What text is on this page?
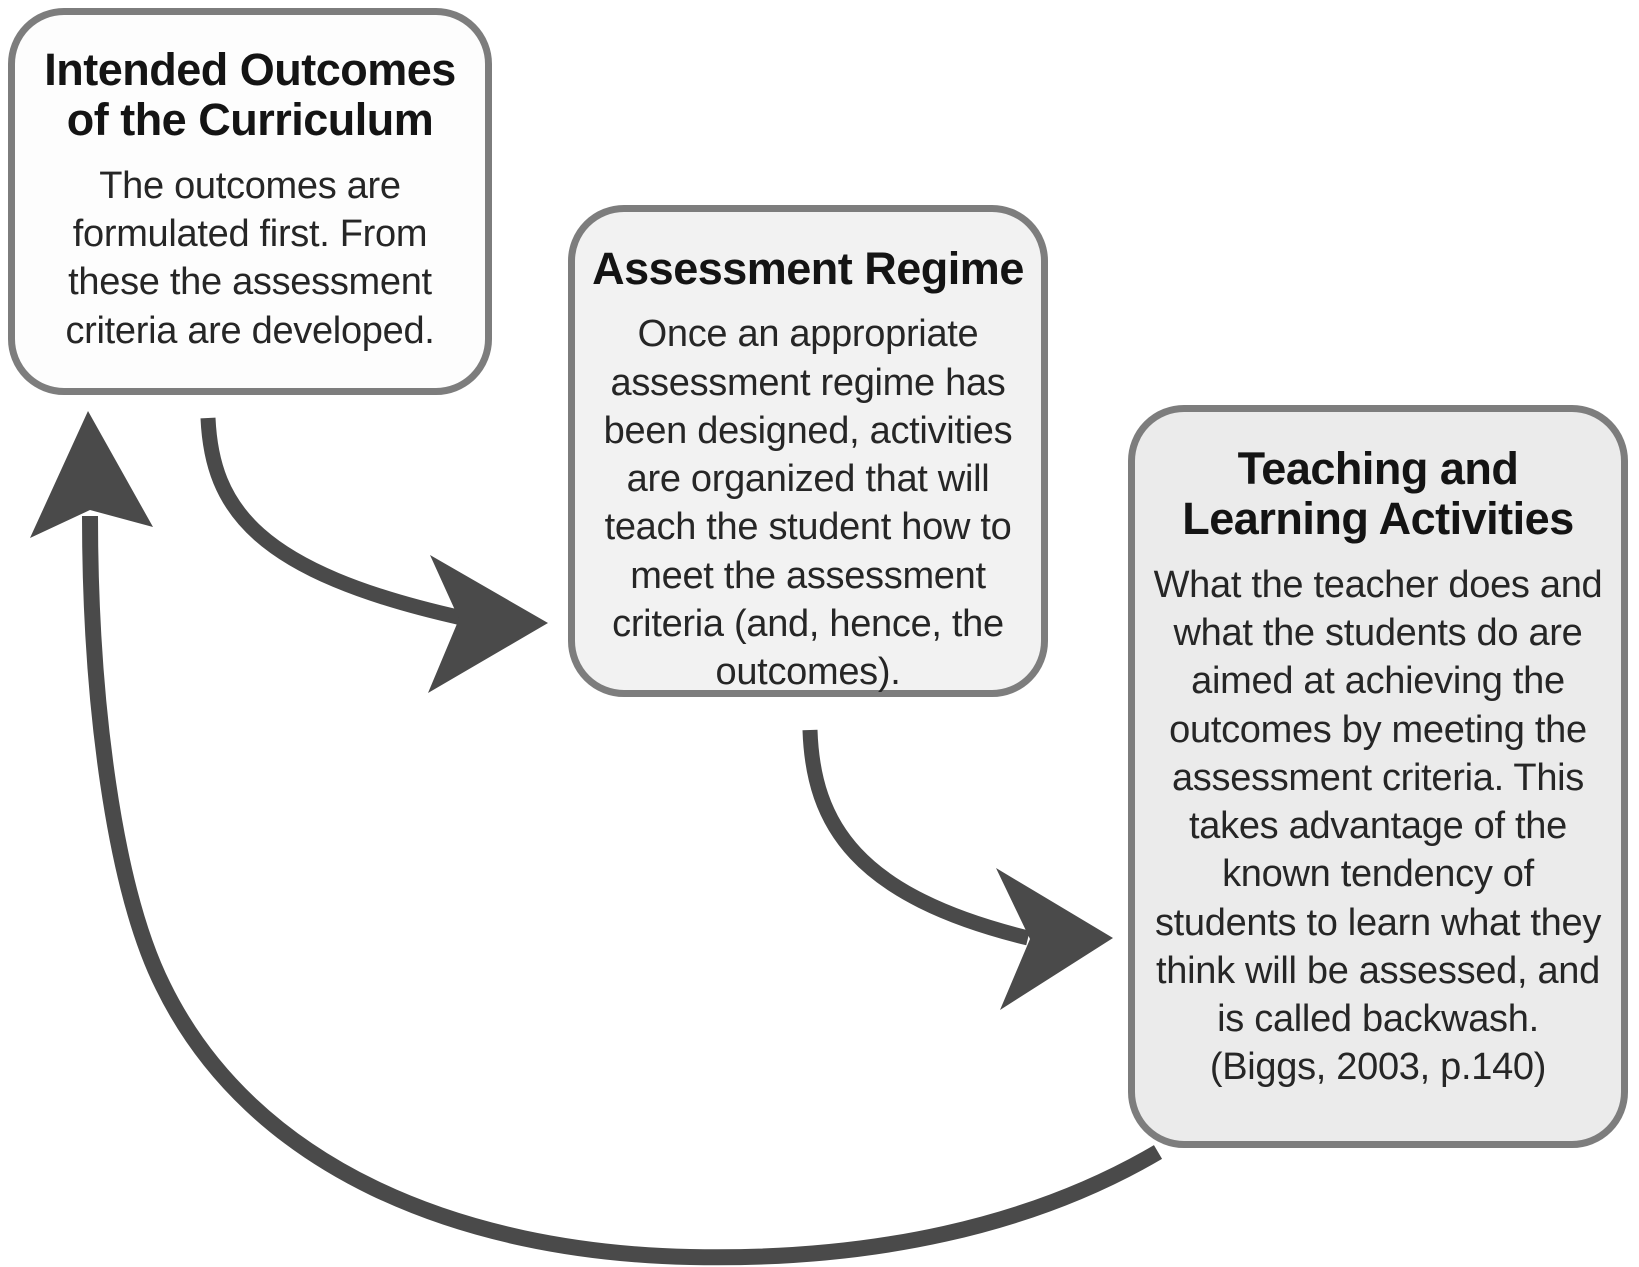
Intended Outcomes of the Curriculum
The outcomes are formulated first. From these the assessment criteria are developed.
Assessment Regime
Once an appropriate assessment regime has been designed, activities are organized that will teach the student how to meet the assessment criteria (and, hence, the outcomes).
Teaching and Learning Activities
What the teacher does and what the students do are aimed at achieving the outcomes by meeting the assessment criteria. This takes advantage of the known tendency of students to learn what they think will be assessed, and is called backwash.
(Biggs, 2003, p.140)
